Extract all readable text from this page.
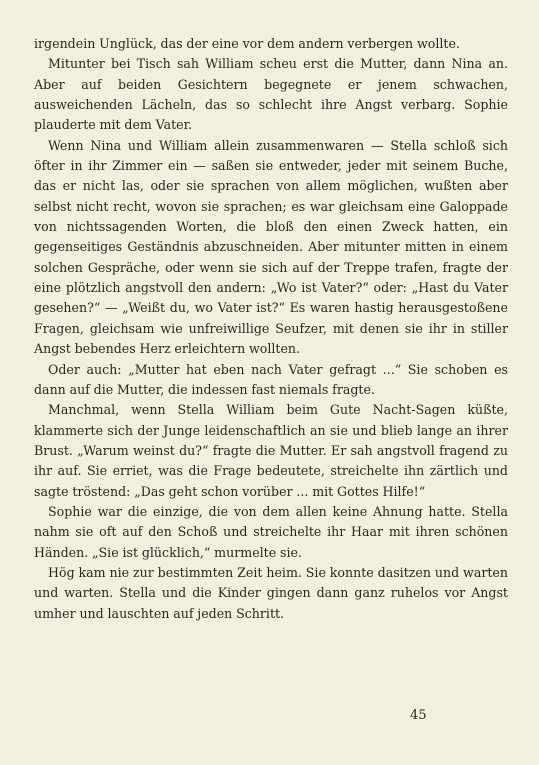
irgendein Unglück, das der eine vor dem andern verbergen wollte.

Mitunter bei Tisch sah William scheu erst die Mutter, dann Nina an. Aber auf beiden Gesichtern begegnete er jenem schwachen, ausweichenden Lächeln, das so schlecht ihre Angst verbarg. Sophie plauderte mit dem Vater.

Wenn Nina und William allein zusammenwaren — Stella schloß sich öfter in ihr Zimmer ein — saßen sie entweder, jeder mit seinem Buche, das er nicht las, oder sie sprachen von allem möglichen, wußten aber selbst nicht recht, wovon sie sprachen; es war gleichsam eine Galoppade von nichtssagenden Worten, die bloß den einen Zweck hatten, ein gegenseitiges Geständnis abzuschneiden. Aber mitunter mitten in einem solchen Gespräche, oder wenn sie sich auf der Treppe trafen, fragte der eine plötzlich angstvoll den andern: „Wo ist Vater?“ oder: „Hast du Vater gesehen?“ — „Weißt du, wo Vater ist?“ Es waren hastig herausgestoßene Fragen, gleichsam wie unfreiwillige Seufzer, mit denen sie ihr in stiller Angst bebendes Herz erleichtern wollten.

Oder auch: „Mutter hat eben nach Vater gefragt ...“ Sie schoben es dann auf die Mutter, die indessen fast niemals fragte.

Manchmal, wenn Stella William beim Gute Nacht-Sagen küßte, klammerte sich der Junge leidenschaftlich an sie und blieb lange an ihrer Brust. „Warum weinst du?“ fragte die Mutter. Er sah angstvoll fragend zu ihr auf. Sie erriet, was die Frage bedeutete, streichelte ihn zärtlich und sagte tröstend: „Das geht schon vorüber ... mit Gottes Hilfe!“

Sophie war die einzige, die von dem allen keine Ahnung hatte. Stella nahm sie oft auf den Schoß und streichelte ihr Haar mit ihren schönen Händen. „Sie ist glücklich,“ murmelte sie.

Hög kam nie zur bestimmten Zeit heim. Sie konnte dasitzen und warten und warten. Stella und die Kinder gingen dann ganz ruhelos vor Angst umher und lauschten auf jeden Schritt.

45
